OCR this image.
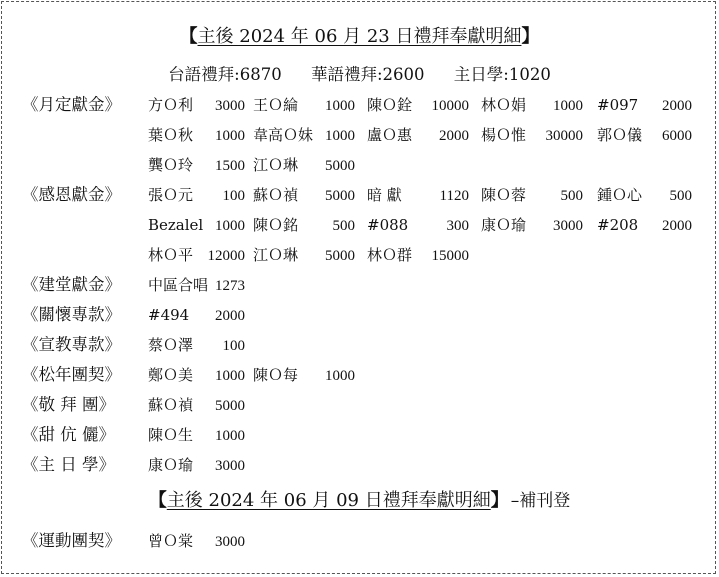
【主後 2024 年 06 月 23 日禮拜奉獻明細】
台語禮拜:6870 華語禮拜:2600 主日學:1020
《月定獻金》 方Ｏ利	3000 王Ｏ綸	1000 陳Ｏ銓	10000 林Ｏ娟	1000 #097	2000
葉Ｏ秋	1000 韋高Ｏ妹 1000 盧Ｏ惠	2000 楊Ｏ惟	30000 郭Ｏ儀	6000
龔Ｏ玲	1500 江Ｏ琳	5000
《感恩獻金》 張Ｏ元	100 蘇Ｏ禎	5000 暗 獻	1120 陳Ｏ蓉	500 鍾Ｏ心	500
Bezalel 1000 陳Ｏ銘	500 #088	300 康Ｏ瑜	3000 #208	2000
林Ｏ平 12000 江Ｏ琳	5000 林Ｏ群	15000
《建堂獻金》 中區合唱 1273
《關懷專款》 #494	2000
《宣教專款》 蔡Ｏ澤	100
《松年團契》 鄭Ｏ美	1000 陳Ｏ每	1000
《敬 拜 團》 蘇Ｏ禎	5000
《甜 伉 儷》 陳Ｏ生	1000
《主 日 學》 康Ｏ瑜	3000
【主後 2024 年 06 月 09 日禮拜奉獻明細】 –補刊登
《運動團契》 曾Ｏ棠	3000
